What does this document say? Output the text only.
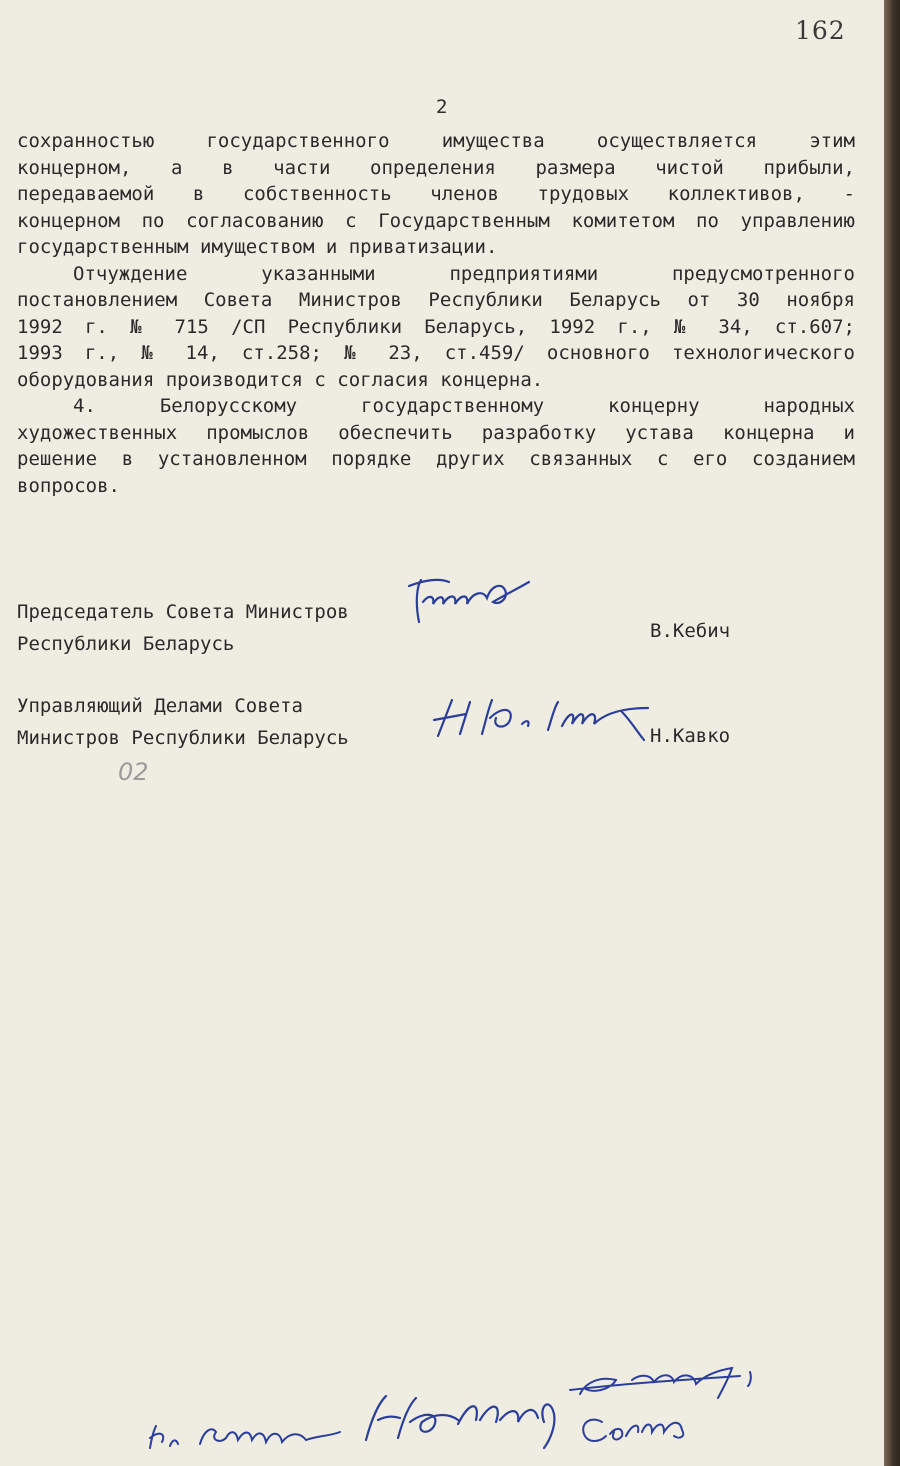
162
2
сохранностью государственного имущества осуществляется этим
концерном, а в части определения размера чистой прибыли,
передаваемой в собственность членов трудовых коллективов, -
концерном по согласованию с Государственным комитетом по управлению
государственным имуществом и приватизации.
Отчуждение указанными предприятиями предусмотренного
постановлением Совета Министров Республики Беларусь от 30 ноября
1992 г. № 715 /СП Республики Беларусь, 1992 г., № 34, ст.607;
1993 г., № 14, ст.258; № 23, ст.459/ основного технологического
оборудования производится с согласия концерна.
4. Белорусскому государственному концерну народных
художественных промыслов обеспечить разработку устава концерна и
решение в установленном порядке других связанных с его созданием
вопросов.
Председатель Совета Министров
Республики Беларусь
В.Кебич
Управляющий Делами Совета
Министров Республики Беларусь	Н.Кавко
02
